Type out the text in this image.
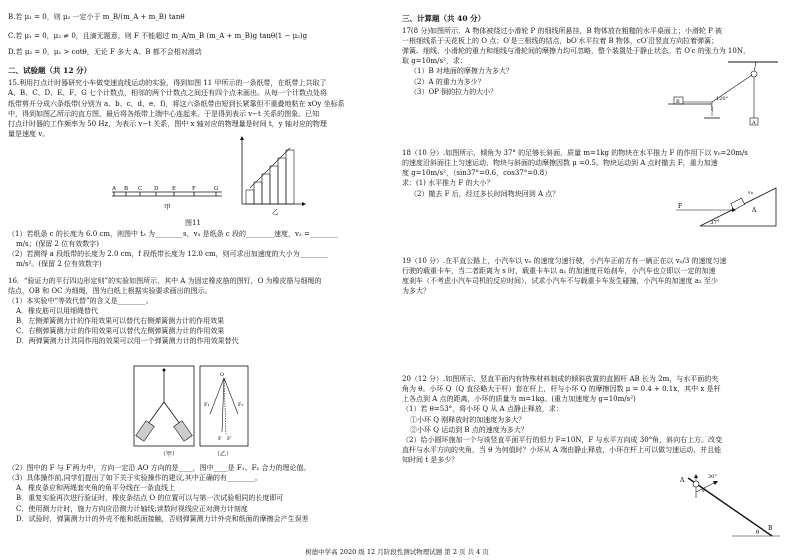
B.若 μ₁ = 0，则 μ₂ 一定小于 m_B/(m_A + m_B) tanθ

C.若 μ₁ = 0，μ₂ ≠ 0，且滴无题意，则 F 不能超过 m_A/m_B (m_A + m_B)g tanθ(1 − μ₂)g

D.若 μ₂ = 0，μ₁ > cotθ，无论 F 多大 A、B 都不会相对滑动

二、试验题（共 12 分）

15.利用打点计时器研究小车做变速直线运动的实验，得到如图 11 甲所示的一条纸带，在纸带上共取了

A、B、C、D、E、F、G 七个计数点，相邻的两个计数点之间还有四个点未画出。从每一个计数点处将

纸带剪开分成六条纸带(分别为 a、b、c、d、e、f)，将这六条纸带由短到长紧靠但不重叠地粘在 xOy 坐标系

中，得到如图乙所示的直方图，最后将各纸带上端中心连起来，于是得到表示 v−t 关系的图象。已知

打点计时器的工作频率为 50 Hz，为表示 v−t 关系，图中 x 轴对应的物理量是时间 t，y 轴对应的物理

量是速度 v。

A B C D E	F	G
甲
乙

图11

（1）若纸条 c 的长度为 6.0 cm，则图中 t₃ 为________s，v₃ 是纸条 c 段的________速度，v₃ =________

m/s；(保留 2 位有效数字)

（2）若测得 a 段纸带的长度为 2.0 cm，f 段纸带长度为 12.0 cm，则可求出加速度的大小为________

m/s²。(保留 2 位有效数字)

16．“验证力的平行四边形定则”的实验如图所示，其中 A 为固定橡皮筋的图钉，O 为橡皮筋与细绳的

结点，OB 和 OC 为细绳，图为白纸上根据实验要求画出的图示。

（1）本实验中“等效代替”的含义是________。

A．橡皮筋可以用细绳替代

B．左侧弹簧测力计的作用效果可以替代右侧弹簧测力计的作用效果

C．右侧弹簧测力计的作用效果可以替代左侧弹簧测力计的作用效果

D．两弹簧测力计共同作用的效果可以用一个弹簧测力计的作用效果替代

（甲）
O
F₁	F₂
F F′
（乙）

（2）图中的 F 与 F′两力中，方向一定沿 AO 方向的是____，图中____是 F₁、F₂ 合力的理论值。

（3）具体操作前,同学们提出了如下关于实验操作的建议,其中正确的有________。

A．橡皮条应和两绳套夹角的角平分线在一条直线上

B．重复实验再次进行验证时，橡皮条结点 O 的位置可以与第一次试验相同的长度即可

C．使用测力计时，施力方向应沿测力计轴线;读数时视线应正对测力计刻度

D．试验时，弹簧测力计的外壳不能和纸面接触，否则弹簧测力计外壳和纸面的摩擦会产生误差

三、计算题（共 40 分）

17(8 分)如图所示，A 物体被绕过小滑轮 P 的细线所悬挂，B 物体放在粗糙的水平桌面上；小滑轮 P 被

一根细线系于天花板上的 O 点；O′是三根线的结点，bO′水平拉着 B 物体，cO′沿竖直方向拉着弹簧；

弹簧、细线、小滑轮的重力和细线与滑轮间的摩擦力均可忽略，整个装置处于静止状态。若 O′c 的张力为 10N，

取 g=10m/s²，求：

（1）B 对地面的摩擦力为多大？

（2）A 的重力为多少？

（3）OP 倒的拉力的大小？

A
B	120°

18（10 分）.如图所示，倾角为 37° 的足够长斜面，质量 m=1kg 的物块在水平推力 F 的作用下以 v₀=20m/s

的速度沿斜面往上匀速运动，物块与斜面的动摩擦因数 μ =0.5。物块运动到 A 点时撤去 F，重力加速

度 g=10m/s²，（sin37°=0.6，cos37°=0.8）

求：(1) 水平推力 F 的大小？

（2）撤去 F 后，经过多长时间物块回到 A 点？

F
A
37°
v₀

19（10 分）.在平直公路上，小汽车以 v₀ 的速度匀速行驶，小汽车正前方有一辆正在以 v₀/3 的速度匀速

行驶的载重卡车，当二者距离为 s 时，载重卡车以 a₁ 的加速度开始刹车，小汽车也立即以一定的加速

度刹车（不考虑小汽车司机的反应时间），试求小汽车不与载重卡车发生碰撞，小汽车的加速度 a₂ 至少

为多大？

20（12 分）.如图所示，竖直平面内有特殊材料制成的倾斜放置的直圆杆 AB 长为 2m，与水平面的夹

角为 θ。小环 Q（Q 直径略大于杆）套在杆上，杆与小环 Q 的摩擦因数 μ = 0.4 + 0.1x，其中 x 是杆

上各点到 A 点的距离，小环的质量为 m=1kg。(重力加速度为 g=10m/s²)

（1）若 θ=53°，将小环 Q 从 A 点静止释放，求：

①小环 Q 刚释放时的加速度为多大？

②小环 Q 运动到 B 点的速度为多大？

（2）给小圆环施加一个与该竖直平面平行的恒力 F=10N，F 与水平方向成 30°角，斜向右上方。改变

直杆与水平方向的夹角，当 θ 为何值时？小环从 A 端由静止释放，小环在杆上可以做匀速运动，并且能

知时间 t 是多少？

A
B
F
30°
θ
树德中学高 2020 级 12 月阶段性测试物理试题 第 2 页 共 4 页
